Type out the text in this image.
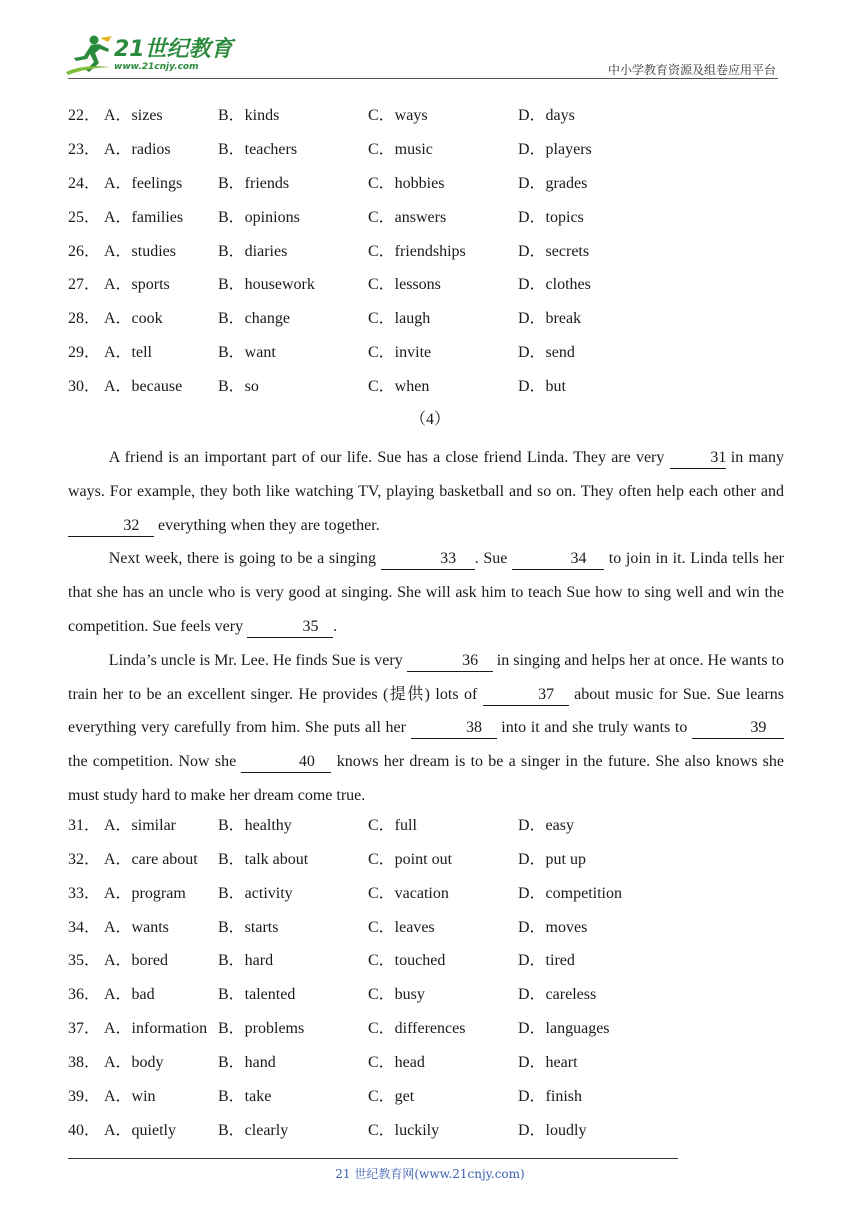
21世纪教育
www.21cnjy.com	中小学教育资源及组卷应用平台
22． A．sizes	B．kinds	C．ways	D．days
23． A．radios	B．teachers	C．music	D．players
24． A．feelings B．friends	C．hobbies	D．grades
25． A．families B．opinions	C．answers	D．topics
26． A．studies	B．diaries	C．friendships	D．secrets
27． A．sports	B．housework	C．lessons	D．clothes
28． A．cook	B．change	C．laugh	D．break
29． A．tell	B．want	C．invite	D．send
30． A．because B．so	C．when	D．but
（4）

A friend is an important part of our life. Sue has a close friend Linda. They are very	31 in many ways. For example, they both like watching TV, playing basketball and so on. They often help each other and 32 everything when they are together.

Next week, there is going to be a singing	33 . Sue	34 to join in it. Linda tells her that she has an uncle who is very good at singing. She will ask him to teach Sue how to sing well and win the competition. Sue feels very	35 .

Linda’s uncle is Mr. Lee. He finds Sue is very	36 in singing and helps her at once. He wants to train her to be an excellent singer. He provides (提供) lots of	37 about music for Sue. Sue learns everything very carefully from him. She puts all her	38 into it and she truly wants to	39 the competition. Now she	40 knows her dream is to be a singer in the future. She also knows she must study hard to make her dream come true.

31． A．similar	B．healthy	C．full	D．easy
32． A．care about B．talk about	C．point out	D．put up
33． A．program B．activity	C．vacation	D．competition
34． A．wants	B．starts	C．leaves	D．moves
35． A．bored	B．hard	C．touched	D．tired
36． A．bad	B．talented	C．busy	D．careless
37． A．information B．problems	C．differences	D．languages
38． A．body	B．hand	C．head	D．heart
39． A．win	B．take	C．get	D．finish
40． A．quietly	B．clearly	C．luckily	D．loudly
21 世纪教育网(www.21cnjy.com)
